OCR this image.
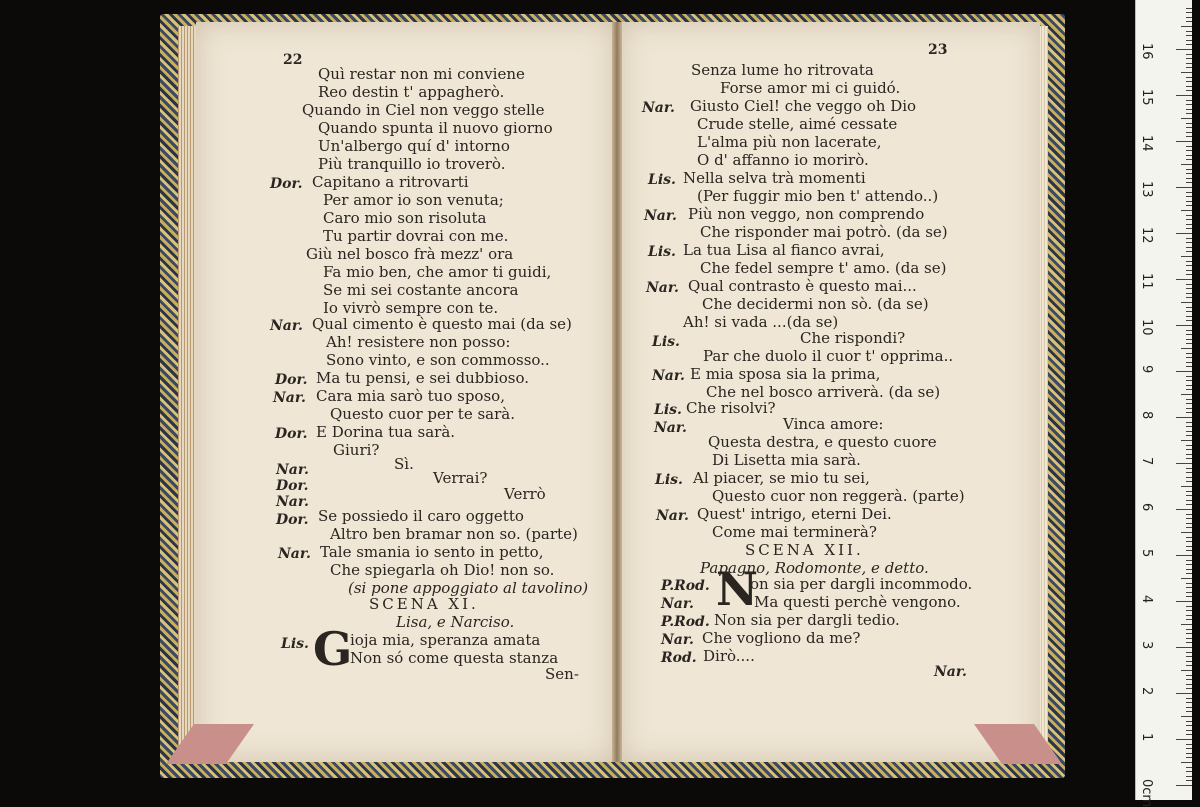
22
Quì restar non mi conviene
Reo destin t' appagherò.
Quando in Ciel non veggo stelle
Quando spunta il nuovo giorno
Un'albergo quí d' intorno
Più tranquillo io troverò.
Dor. Capitano a ritrovarti
Per amor io son venuta;
Caro mio son risoluta
Tu partir dovrai con me.
Giù nel bosco frà mezz' ora
Fa mio ben, che amor ti guidi,
Se mi sei costante ancora
Io vivrò sempre con te.
Nar. Qual cimento è questo mai (da se)
Ah! resistere non posso:
Sono vinto, e son commosso..
Dor. Ma tu pensi, e sei dubbioso.
Nar. Cara mia sarò tuo sposo,
Questo cuor per te sarà.
Dor. E Dorina tua sarà.
Giuri?
Nar.	Sì.
Dor.	Verrai?
Nar.	Verrò
Dor. Se possiedo il caro oggetto
Altro ben bramar non so. (parte)
Nar. Tale smania io sento in petto,
Che spiegarla oh Dio! non so.
(si pone appoggiato al tavolino)
SCENA XI.
Lisa, e Narciso.
Lis. G
ioja mia, speranza amata
Non só come questa stanza
Sen-
23
Senza lume ho ritrovata
Forse amor mi ci guidó.
Nar. Giusto Ciel! che veggo oh Dio
Crude stelle, aimé cessate
L'alma più non lacerate,
O d' affanno io morirò.
Lis. Nella selva trà momenti
(Per fuggir mio ben t' attendo..)
Nar. Più non veggo, non comprendo
Che risponder mai potrò. (da se)
Lis. La tua Lisa al fianco avrai,
Che fedel sempre t' amo. (da se)
Nar. Qual contrasto è questo mai...
Che decidermi non sò. (da se)
Ah! si vada ...(da se)
Lis.	Che rispondi?
Par che duolo il cuor t' opprima..
Nar. E mia sposa sia la prima,
Che nel bosco arriverà. (da se)
Lis. Che risolvi?
Nar.	Vinca amore:
Questa destra, e questo cuore
Di Lisetta mia sarà.
Lis. Al piacer, se mio tu sei,
Questo cuor non reggerà. (parte)
Nar. Quest' intrigo, eterni Dei.
Come mai terminerà?
SCENA XII.
Papagno, Rodomonte, e detto.
P.Rod. N
on sia per dargli incommodo.
Nar.	Ma questi perchè vengono.
P.Rod. Non sia per dargli tedio.
Nar. Che vogliono da me?
Rod. Dirò....
Nar.
0cm
1
2
3
4
5
6
7
8
9
10
11
12
13
14
15
16
